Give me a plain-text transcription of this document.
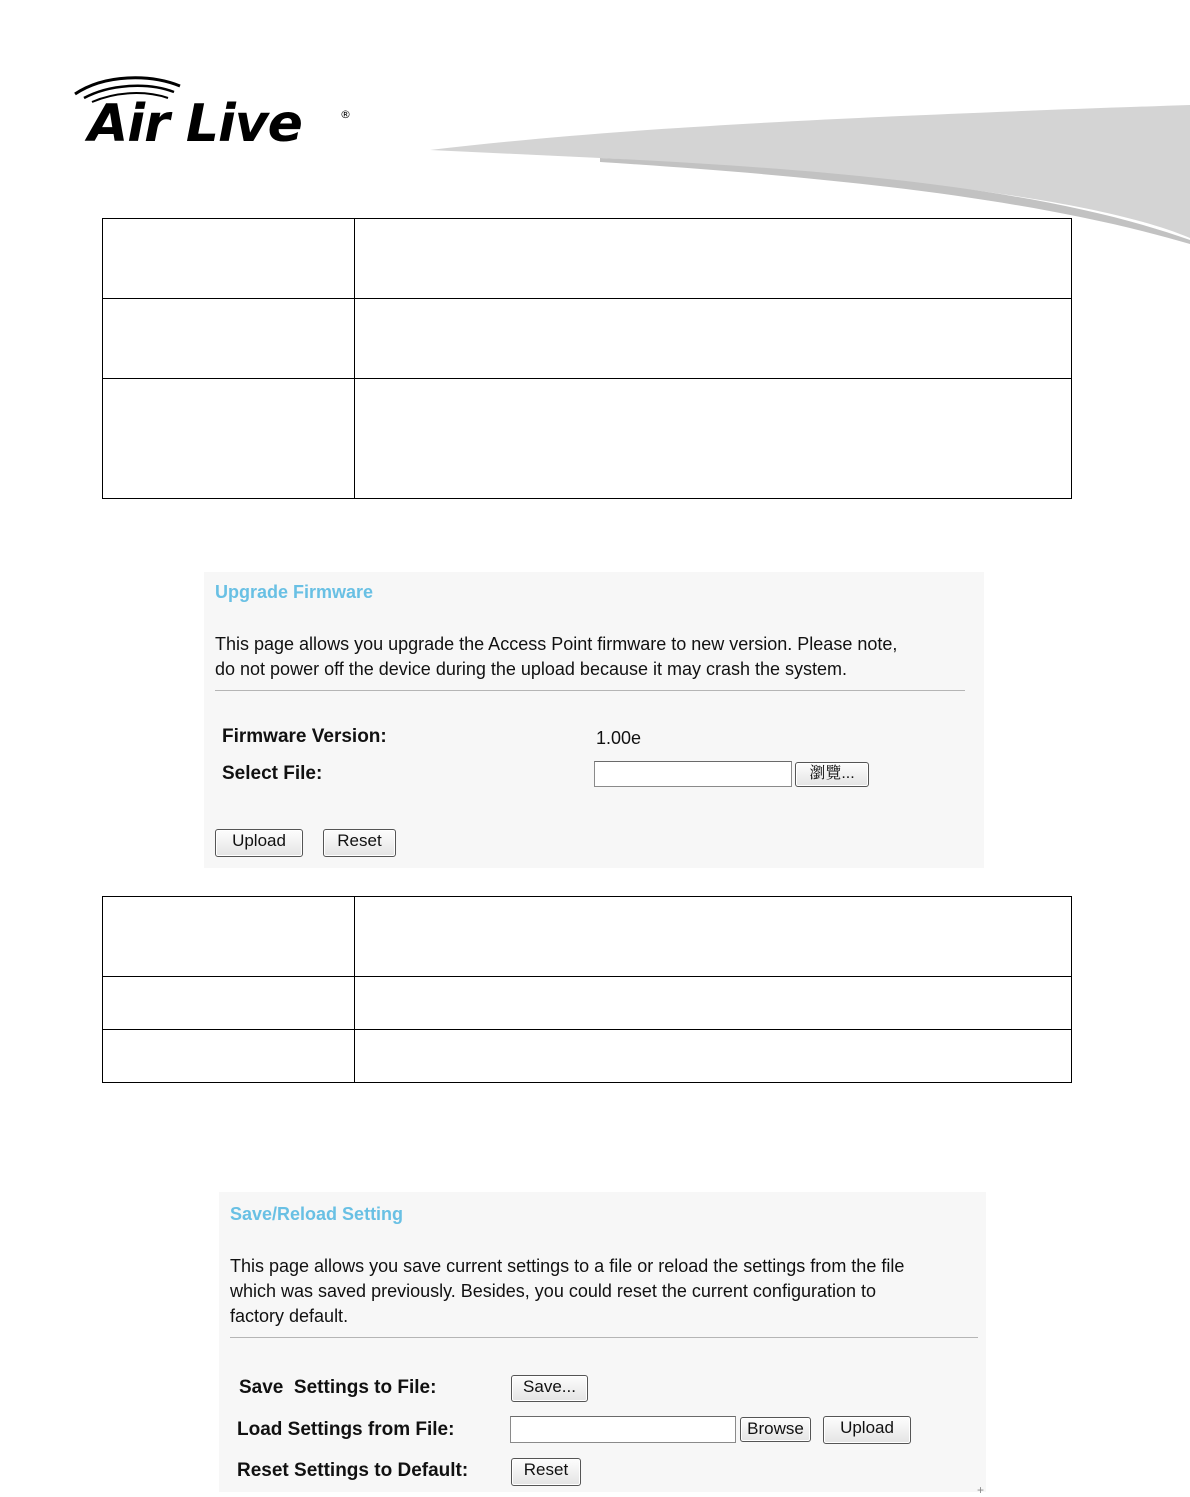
Air Live	®

Upgrade Firmware
This page allows you upgrade the Access Point firmware to new version. Please note,
do not power off the device during the upload because it may crash the system.
Firmware Version:	1.00e
Select File:	瀏覽...
Upload	Reset

Save/Reload Setting
This page allows you save current settings to a file or reload the settings from the file
which was saved previously. Besides, you could reset the current configuration to
factory default.
Save  Settings to File:	Save...
Load Settings from File:	Browse	Upload
Reset Settings to Default:	Reset
